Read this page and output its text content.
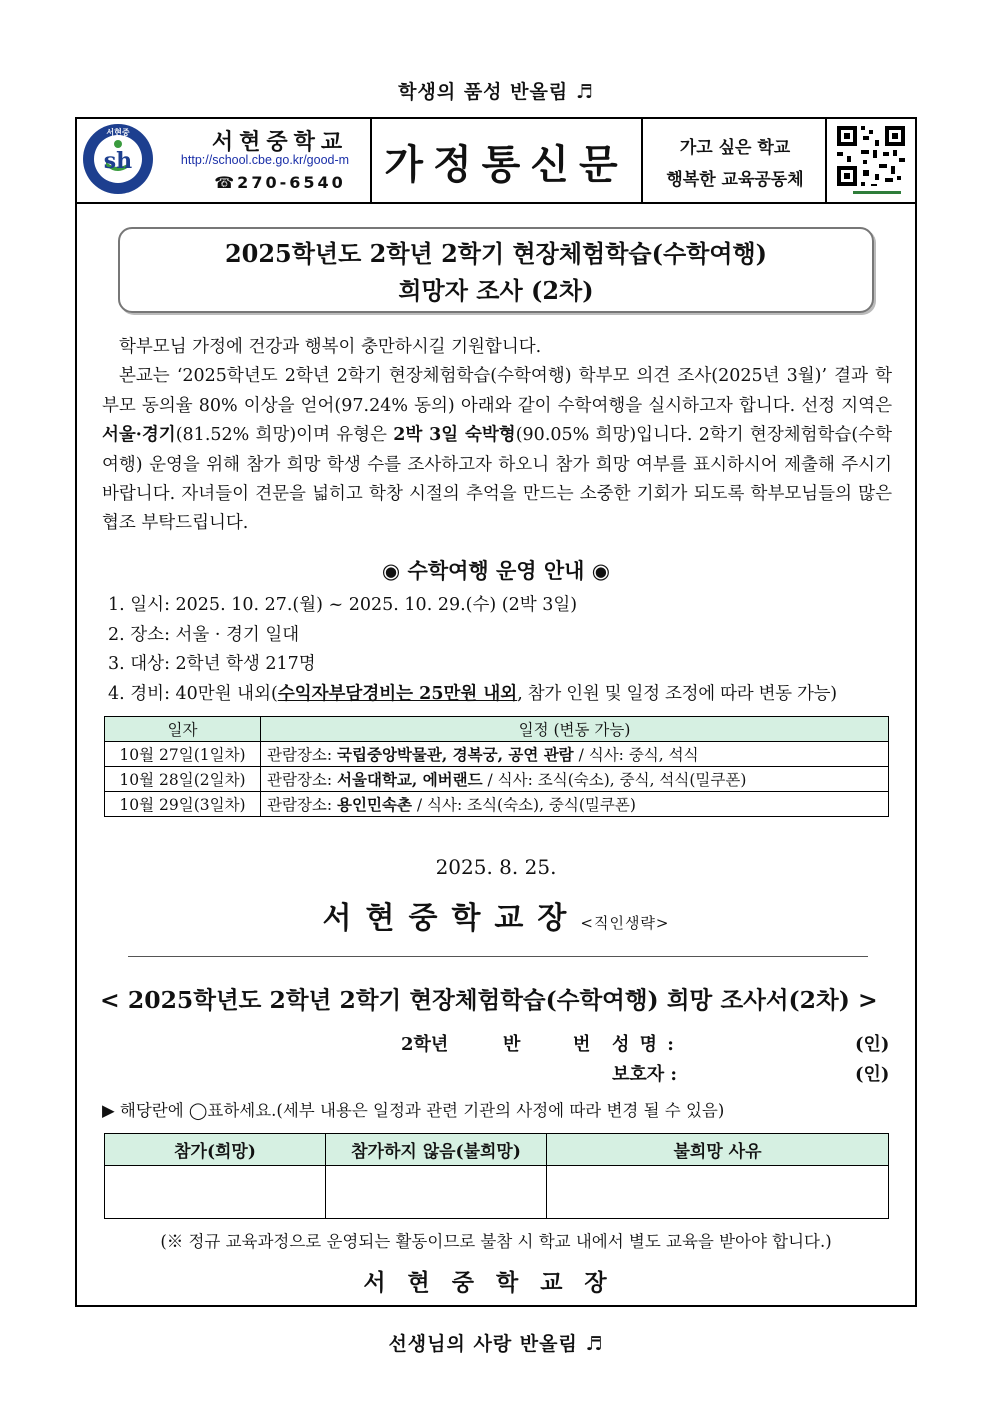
학생의 품성 반올림 ♬
서현중
sh
서현중학교
http://school.cbe.go.kr/good-m
☎270-6540 가정통신문	가고 싶은 학교
행복한 교육공동체
2025학년도 2학년 2학기 현장체험학습(수학여행)
희망자 조사 (2차)

학부모님 가정에 건강과 행복이 충만하시길 기원합니다.

본교는 ‘2025학년도 2학년 2학기 현장체험학습(수학여행) 학부모 의견 조사(2025년 3월)’ 결과 학부모 동의율 80% 이상을 얻어(97.24% 동의) 아래와 같이 수학여행을 실시하고자 합니다. 선정 지역은 서울·경기(81.52% 희망)이며 유형은 2박 3일 숙박형(90.05% 희망)입니다. 2학기 현장체험학습(수학여행) 운영을 위해 참가 희망 학생 수를 조사하고자 하오니 참가 희망 여부를 표시하시어 제출해 주시기 바랍니다. 자녀들이 견문을 넓히고 학창 시절의 추억을 만드는 소중한 기회가 되도록 학부모님들의 많은 협조 부탁드립니다.

◉ 수학여행 운영 안내 ◉
1. 일시: 2025. 10. 27.(월) ~ 2025. 10. 29.(수) (2박 3일)
2. 장소: 서울 · 경기 일대
3. 대상: 2학년 학생 217명
4. 경비: 40만원 내외(수익자부담경비는 25만원 내외, 참가 인원 및 일정 조정에 따라 변동 가능)
일자	일정 (변동 가능)
10월 27일(1일차)	관람장소: 국립중앙박물관, 경복궁, 공연 관람 / 식사: 중식, 석식
10월 28일(2일차)	관람장소: 서울대학교, 에버랜드 / 식사: 조식(숙소), 중식, 석식(밀쿠폰)
10월 29일(3일차)	관람장소: 용인민속촌 / 식사: 조식(숙소), 중식(밀쿠폰)
2025. 8. 25.
서현중학교장<직인생략>
< 2025학년도 2학년 2학기 현장체험학습(수학여행) 희망 조사서(2차) >
2학년	반	번 성 명 :	(인)
보호자 :	(인)
▶ 해당란에 ◯표하세요.(세부 내용은 일정과 관련 기관의 사정에 따라 변경 될 수 있음)
참가(희망)	참가하지 않음(불희망)	불희망 사유

(※ 정규 교육과정으로 운영되는 활동이므로 불참 시 학교 내에서 별도 교육을 받아야 합니다.)
서현중학교장
선생님의 사랑 반올림 ♬
